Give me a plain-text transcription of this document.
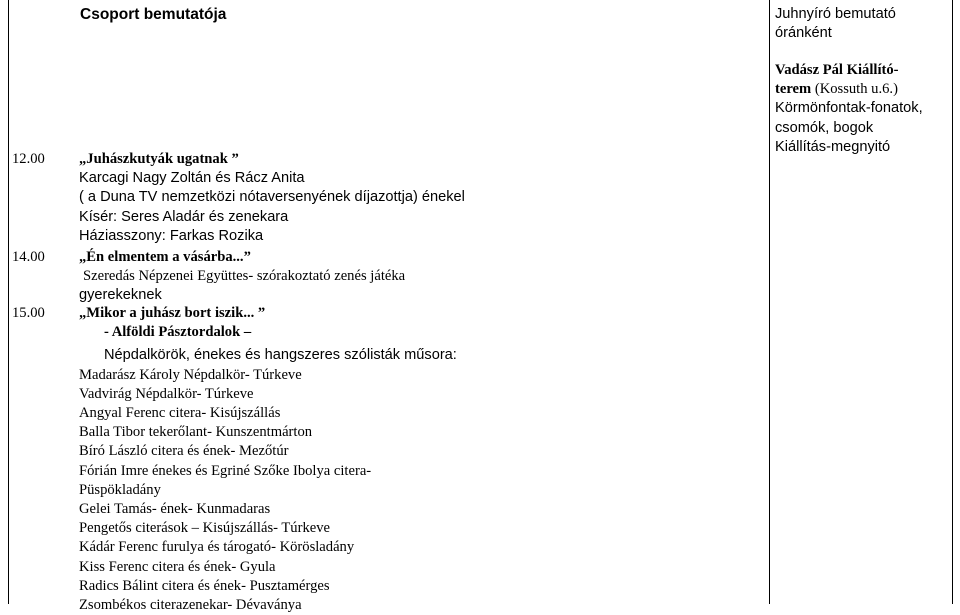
Csoport bemutatója
12.00
14.00
15.00
„Juhászkutyák ugatnak ”
Karcagi Nagy Zoltán és Rácz Anita
( a Duna TV nemzetközi nótaversenyének díjazottja) énekel
Kísér: Seres Aladár és zenekara
Háziasszony: Farkas Rozika
„Én elmentem a vásárba...”
Szeredás Népzenei Együttes- szórakoztató zenés játéka
gyerekeknek
„Mikor a juhász bort iszik... ”
- Alföldi Pásztordalok –
Népdalkörök, énekes és hangszeres szólisták műsora:
Madarász Károly Népdalkör- Túrkeve
Vadvirág Népdalkör- Túrkeve
Angyal Ferenc citera- Kisújszállás
Balla Tibor tekerőlant- Kunszentmárton
Bíró László citera és ének- Mezőtúr
Fórián Imre énekes és Egriné Szőke Ibolya citera-
Püspökladány
Gelei Tamás- ének- Kunmadaras
Pengetős citerások – Kisújszállás- Túrkeve
Kádár Ferenc furulya és tárogató- Körösladány
Kiss Ferenc citera és ének- Gyula
Radics Bálint citera és ének- Pusztamérges
Zsombékos citerazenekar- Dévaványa
Juhnyíró bemutató
óránként
Vadász Pál Kiállító-
terem (Kossuth u.6.)
Körmönfontak-fonatok,
csomók, bogok
Kiállítás-megnyitó
